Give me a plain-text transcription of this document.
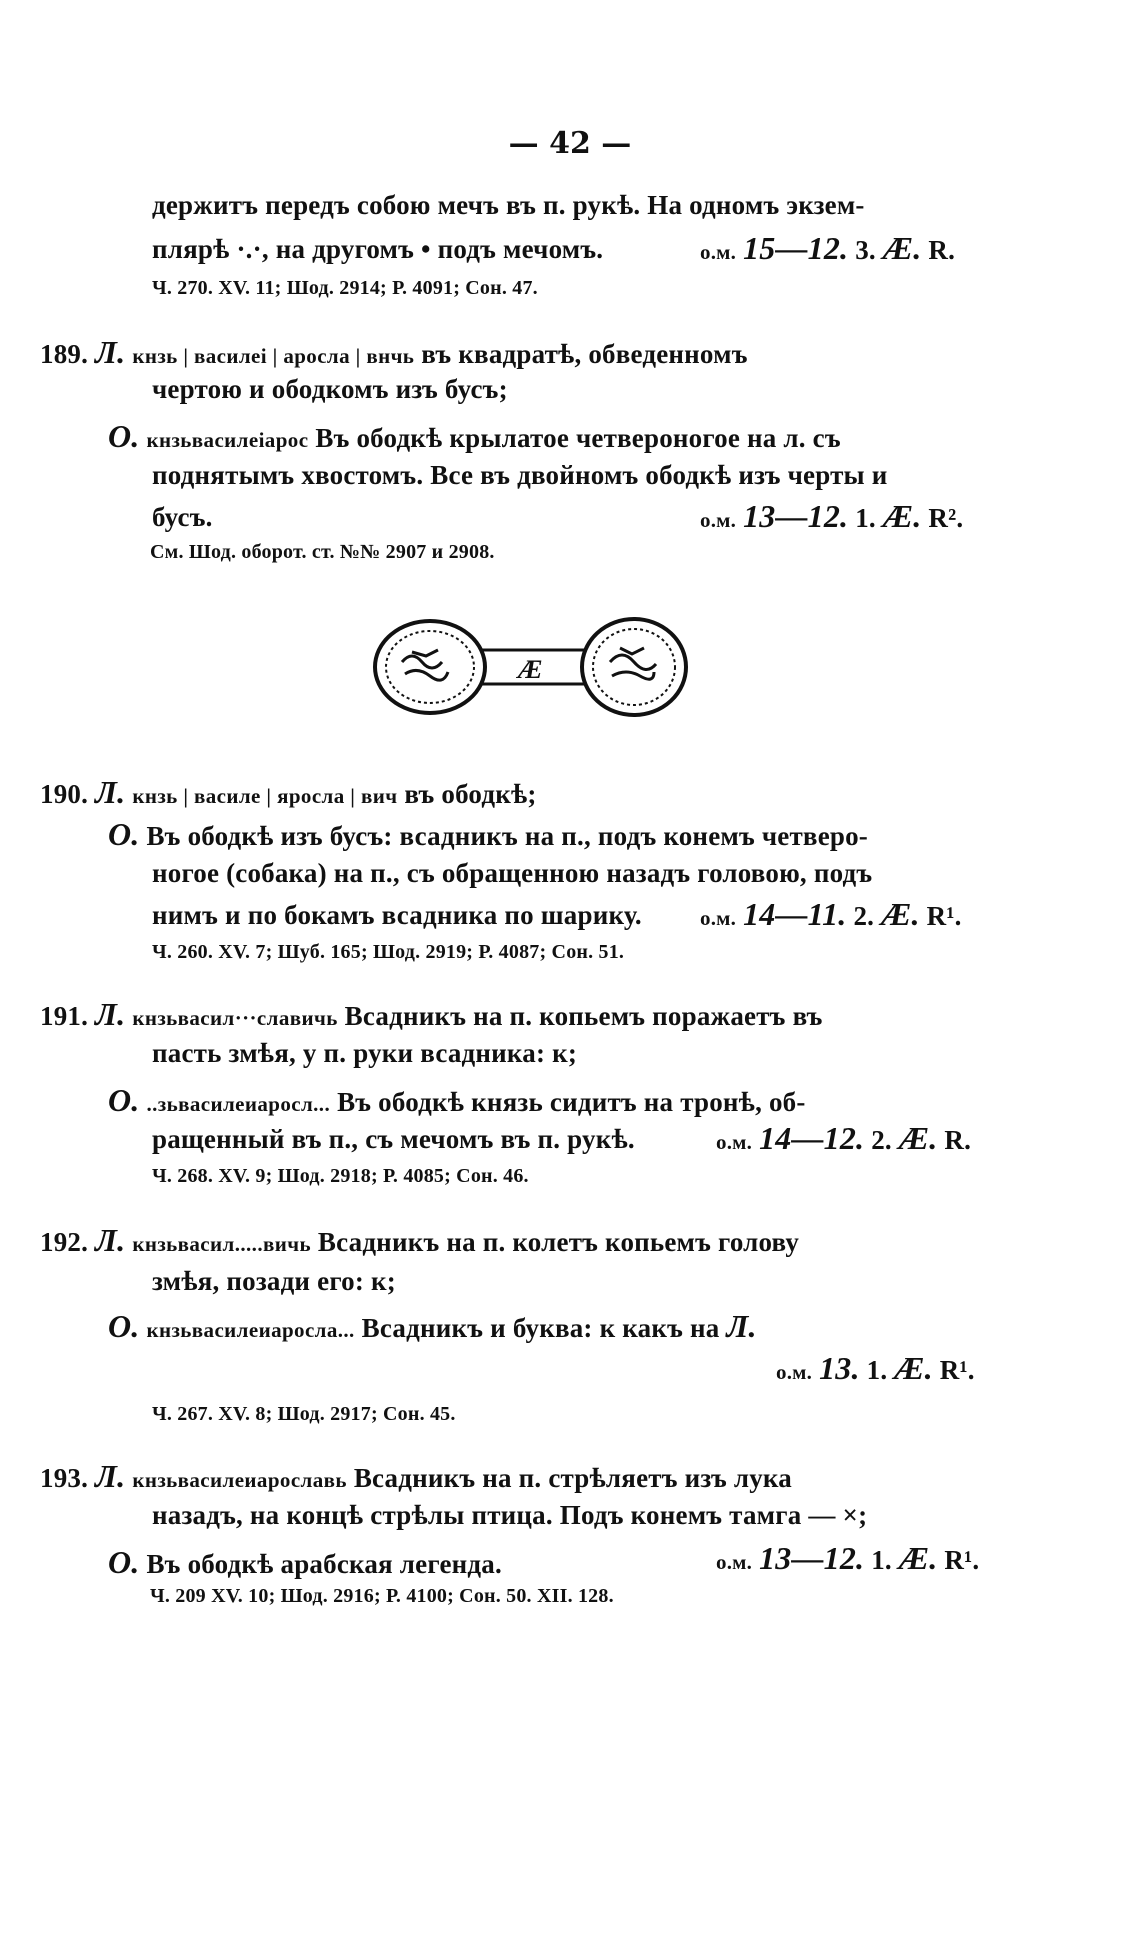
— 42 —
держитъ передъ собою мечъ въ п. рукѣ. На одномъ экзем-
плярѣ ·.·, на другомъ • подъ мечомъ.	о.м. 15—12. 3. Æ. R.
Ч. 270. XV. 11; Шод. 2914; Р. 4091; Сон. 47.
189. Л. кнзь | василеі | аросла | внчь въ квадратѣ, обведенномъ
чертою и ободкомъ изъ бусъ;
О. кнзьвасилеіарос Въ ободкѣ крылатое четвероногое на л. съ
поднятымъ хвостомъ. Все въ двойномъ ободкѣ изъ черты и
бусъ.	о.м. 13—12. 1. Æ. R².
См. Шод. оборот. ст. №№ 2907 и 2908.
Æ
190. Л. кнзь | василе | ярослa | вич въ ободкѣ;
О. Въ ободкѣ изъ бусъ: всадникъ на п., подъ конемъ четверо-
ногое (собака) на п., съ обращенною назадъ головою, подъ
нимъ и по бокамъ всадника по шарику.	о.м. 14—11. 2. Æ. R¹.
Ч. 260. XV. 7; Шуб. 165; Шод. 2919; Р. 4087; Сон. 51.
191. Л. кнзьвасил···славичь Всадникъ на п. копьемъ поражаетъ въ
пасть змѣя, у п. руки всадника: к;
О. ..зьвасилеиаросл... Въ ободкѣ князь сидитъ на тронѣ, об-
ращенный въ п., съ мечомъ въ п. рукѣ.	о.м. 14—12. 2. Æ. R.
Ч. 268. XV. 9; Шод. 2918; Р. 4085; Сон. 46.
192. Л. кнзьвасил.....вичь Всадникъ на п. колетъ копьемъ голову
змѣя, позади его: к;
О. кнзьвасилеиаросла... Всадникъ и буква: к какъ на Л.
о.м. 13. 1. Æ. R¹.
Ч. 267. XV. 8; Шод. 2917; Сон. 45.
193. Л. кнзьвасилеиарославь Всадникъ на п. стрѣляетъ изъ лука
назадъ, на концѣ стрѣлы птица. Подъ конемъ тамга — ×;
О. Въ ободкѣ арабская легенда.	о.м. 13—12. 1. Æ. R¹.
Ч. 209 XV. 10; Шод. 2916; Р. 4100; Сон. 50. XII. 128.
